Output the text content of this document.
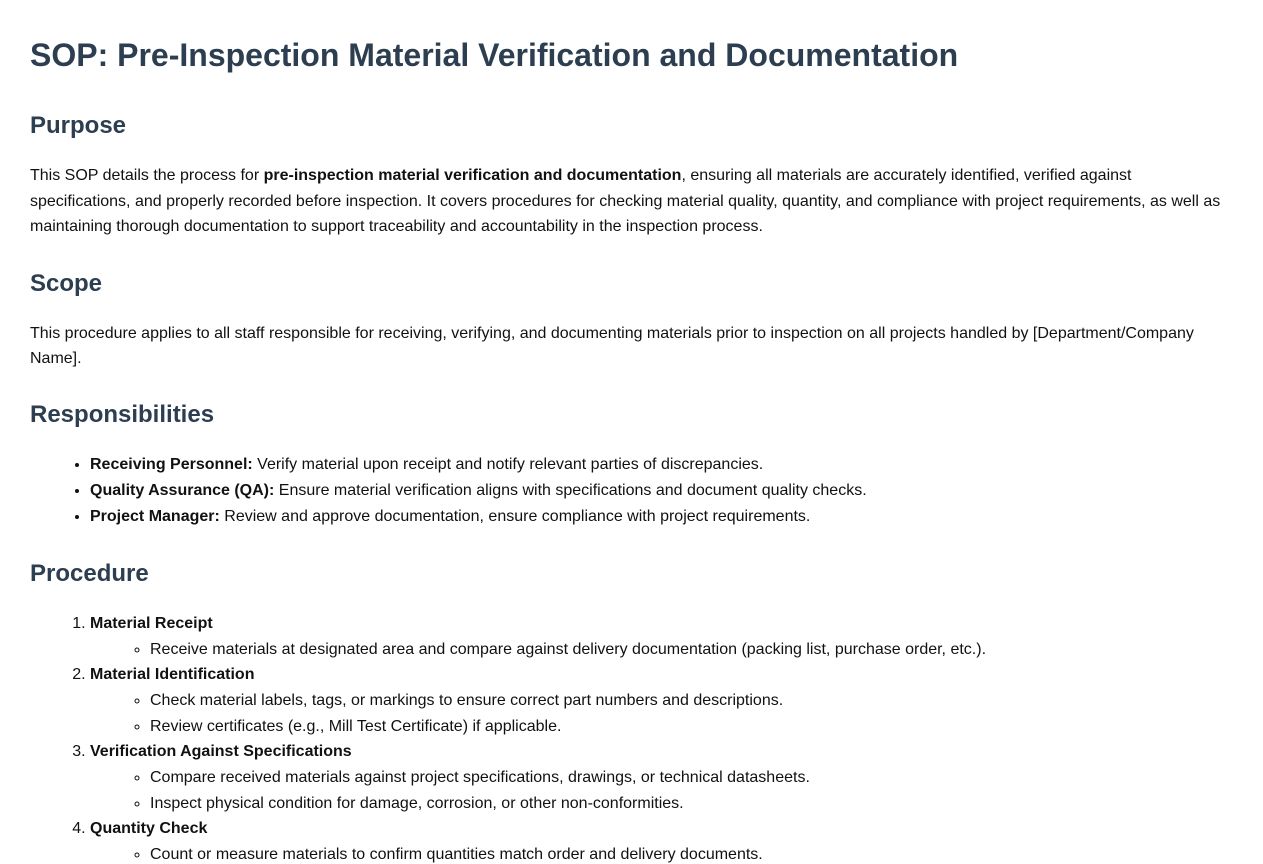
SOP: Pre-Inspection Material Verification and Documentation
Purpose

This SOP details the process for pre-inspection material verification and documentation, ensuring all materials are accurately identified, verified against specifications, and properly recorded before inspection. It covers procedures for checking material quality, quantity, and compliance with project requirements, as well as maintaining thorough documentation to support traceability and accountability in the inspection process.

Scope

This procedure applies to all staff responsible for receiving, verifying, and documenting materials prior to inspection on all projects handled by [Department/Company Name].

Responsibilities
• Receiving Personnel: Verify material upon receipt and notify relevant parties of discrepancies.
• Quality Assurance (QA): Ensure material verification aligns with specifications and document quality checks.
• Project Manager: Review and approve documentation, ensure compliance with project requirements.
Procedure
1. Material Receipt
◦ Receive materials at designated area and compare against delivery documentation (packing list, purchase order, etc.).
2. Material Identification
◦ Check material labels, tags, or markings to ensure correct part numbers and descriptions.
◦ Review certificates (e.g., Mill Test Certificate) if applicable.
3. Verification Against Specifications
◦ Compare received materials against project specifications, drawings, or technical datasheets.
◦ Inspect physical condition for damage, corrosion, or other non-conformities.
4. Quantity Check
◦ Count or measure materials to confirm quantities match order and delivery documents.
